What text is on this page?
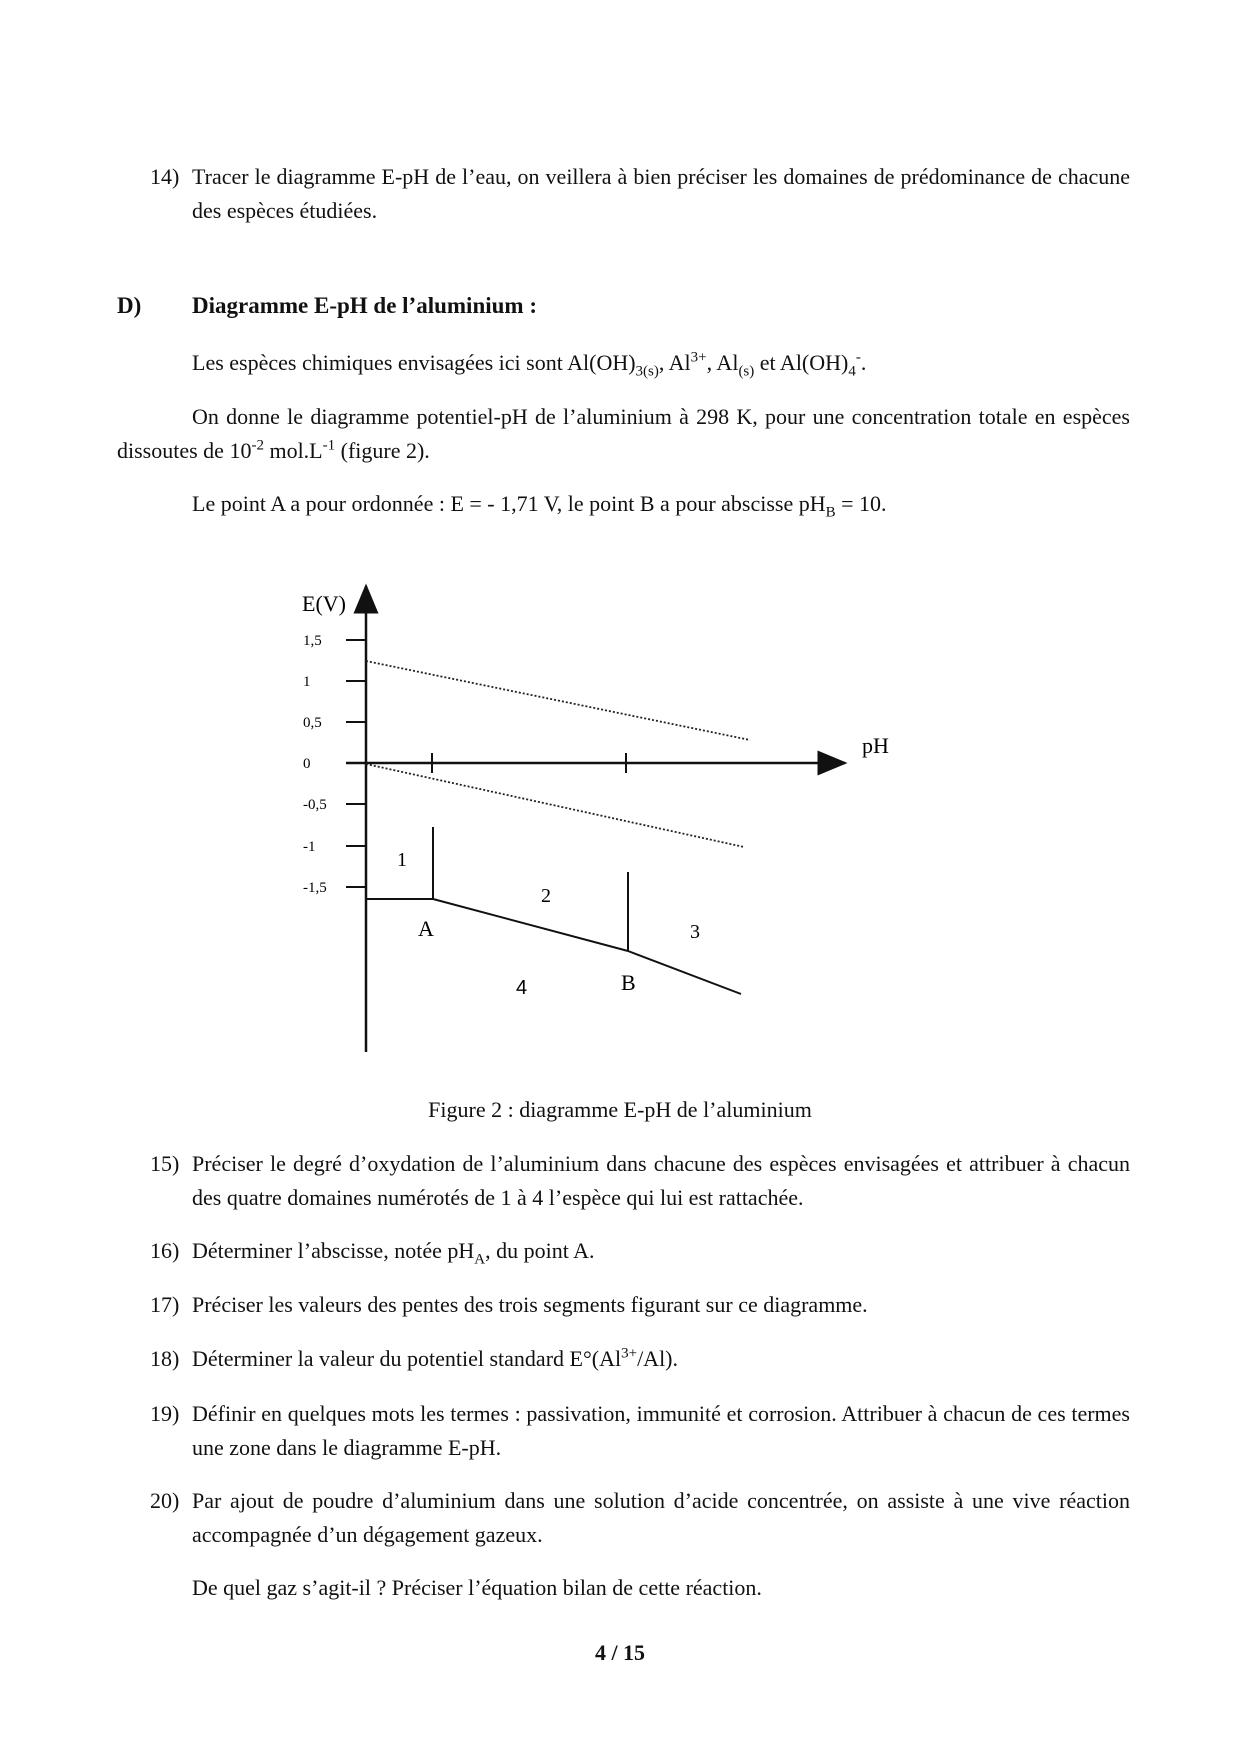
14) Tracer le diagramme E-pH de l’eau, on veillera à bien préciser les domaines de prédominance de chacune des espèces étudiées.
D) Diagramme E-pH de l’aluminium :
Les espèces chimiques envisagées ici sont $Al(OH)_{3(s)}$, $Al^{3+}$, $Al_{(s)}$ et $Al(OH)_4^-$.
On donne le diagramme potentiel-pH de l’aluminium à 298 K, pour une concentration totale en espèces dissoutes de $10^{-2}$ $mol.L^{-1}$ (figure 2).
Le point A a pour ordonnée : E = - 1,71 V, le point B a pour abscisse $pH_B = 10$.
E(V)
pH
1,5
1
0,5
0
-0,5
-1
-1,5
A
B
1
2
3
4
Figure 2 : diagramme E-pH de l’aluminium
15) Préciser le degré d’oxydation de l’aluminium dans chacune des espèces envisagées et attribuer à chacun des quatre domaines numérotés de 1 à 4 l’espèce qui lui est rattachée.
16) Déterminer l’abscisse, notée $pH_A$, du point A.
17) Préciser les valeurs des pentes des trois segments figurant sur ce diagramme.
18) Déterminer la valeur du potentiel standard $E^\circ(Al^{3+}/Al)$.
19) Définir en quelques mots les termes : passivation, immunité et corrosion. Attribuer à chacun de ces termes une zone dans le diagramme E-pH.
20) Par ajout de poudre d’aluminium dans une solution d’acide concentrée, on assiste à une vive réaction accompagnée d’un dégagement gazeux.
De quel gaz s’agit-il ? Préciser l’équation bilan de cette réaction.
4 / 15
